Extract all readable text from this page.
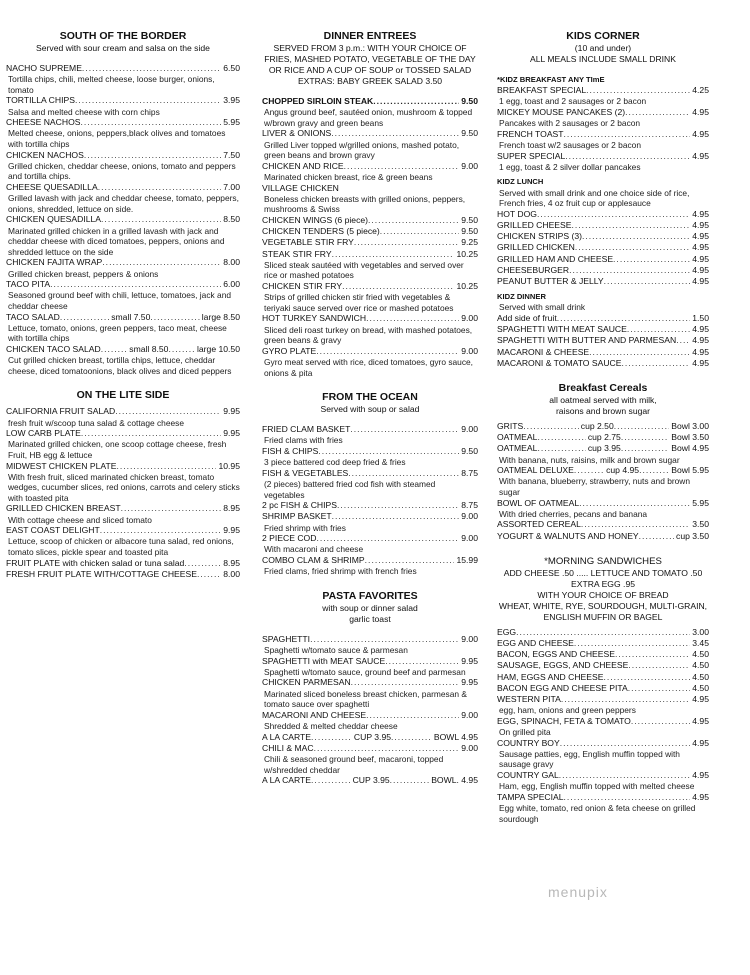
SOUTH OF THE BORDER
Served with sour cream and salsa on the side
NACHO SUPREME .....	6.50
Tortilla chips, chili, melted cheese, loose burger, onions, tomato
TORTILLA CHIPS .....	3.95
Salsa and melted cheese with corn chips
CHEESE NACHOS .....	5.95
Melted cheese, onions, peppers,black olives and tomatoes with tortilla chips
CHICKEN NACHOS .....	7.50
Grilled chicken, cheddar cheese, onions, tomato and peppers and tortilla chips.
CHEESE QUESADILLA .....	7.00
Grilled lavash with jack and cheddar cheese, tomato, peppers, onions, shredded, lettuce on side.
CHICKEN QUESADILLA .....	8.50
Marinated grilled chicken in a grilled lavash with jack and cheddar cheese with diced tomatoes, peppers, onions and shredded lettuce on the side
CHICKEN FAJITA WRAP .....	8.00
Grilled chicken breast, peppers & onions
TACO PITA .....	6.00
Seasoned ground beef with chili, lettuce, tomatoes, jack and cheddar cheese
TACO SALAD .....	small 7.50 .....	large 8.50
Lettuce, tomato, onions, green peppers, taco meat, cheese with tortilla chips
CHICKEN TACO SALAD .....	small 8.50 .....	large 10.50
Cut grilled chicken breast, tortilla chips, lettuce, cheddar cheese, diced tomatoonions, black olives and diced peppers
ON THE LITE SIDE
CALIFORNIA FRUIT SALAD .....	9.95
fresh fruit w/scoop tuna salad & cottage cheese
LOW CARB PLATE .....	9.95
Marinated grilled chicken, one scoop cottage cheese, fresh Fruit, HB egg & lettuce
MIDWEST CHICKEN PLATE .....	10.95
With fresh fruit, sliced marinated chicken breast, tomato wedges, cucumber slices, red onions, carrots and celery sticks with toasted pita
GRILLED CHICKEN BREAST .....	8.95
With cottage cheese and sliced tomato
EAST COAST DELIGHT .....	9.95
Lettuce, scoop of chicken or albacore tuna salad, red onions, tomato slices, pickle spear and toasted pita
FRUIT PLATE with chicken salad or tuna salad .....	8.95
FRESH FRUIT PLATE WITH/COTTAGE CHEESE .....	8.00
DINNER ENTREES
SERVED FROM 3 p.m.: WITH YOUR CHOICE OF
FRIES, MASHED POTATO, VEGETABLE OF THE DAY
OR RICE AND A CUP OF SOUP or TOSSED SALAD
EXTRAS: BABY GREEK SALAD 3.50
CHOPPED SIRLOIN STEAK .....	9.50
Angus ground beef, sautéed onion, mushroom & topped w/brown gravy and green beans
LIVER & ONIONS .....	9.50
Grilled Liver topped w/grilled onions, mashed potato, green beans and brown gravy
CHICKEN AND RICE .....	9.00
Marinated chicken breast, rice & green beans
VILLAGE CHICKEN
Boneless chicken breasts with grilled onions, peppers, mushrooms & Swiss
CHICKEN WINGS (6 piece) .....	9.50
CHICKEN TENDERS (5 piece) .....	9.50
VEGETABLE STIR FRY .....	9.25
STEAK STIR FRY .....	10.25
Sliced steak sautéed with vegetables and served over rice or mashed potatoes
CHICKEN STIR FRY .....	10.25
Strips of grilled chicken stir fried with vegetables & teriyaki sauce served over rice or mashed potatoes
HOT TURKEY SANDWICH .....	9.00
Sliced deli roast turkey on bread, with mashed potatoes, green beans & gravy
GYRO PLATE .....	9.00
Gyro meat served with rice, diced tomatoes, gyro sauce, onions & pita
FROM THE OCEAN
Served with soup or salad
FRIED CLAM BASKET .....	9.00
Fried clams with fries
FISH & CHIPS .....	9.50
3 piece battered cod deep fried & fries
FISH & VEGETABLES .....	8.75
(2 pieces) battered fried cod fish with steamed vegetables
2 pc FISH & CHIPS .....	8.75
SHRIMP BASKET .....	9.00
Fried shrimp with fries
2 PIECE COD .....	9.00
With macaroni and cheese
COMBO CLAM & SHRIMP .....	15.99
Fried clams, fried shrimp with french fries
PASTA FAVORITES
with soup or dinner salad
garlic toast
SPAGHETTI .....	9.00
Spaghetti w/tomato sauce & parmesan
SPAGHETTI with MEAT SAUCE .....	9.95
Spaghetti w/tomato sauce, ground beef and parmesan
CHICKEN PARMESAN .....	9.95
Marinated sliced boneless breast chicken, parmesan & tomato sauce over spaghetti
MACARONI AND CHEESE .....	9.00
Shredded & melted cheddar cheese
A LA CARTE .....	CUP 3.95 .....	BOWL 4.95
CHILI & MAC .....	9.00
Chili & seasoned ground beef, macaroni, topped w/shredded cheddar
A LA CARTE .....	CUP 3.95 .....	BOWL. 4.95
KIDS CORNER
(10 and under)
ALL MEALS INCLUDE SMALL DRINK
*KIDZ BREAKFAST ANY TImE
BREAKFAST SPECIAL .....	4.25
1 egg, toast and 2 sausages or 2 bacon
MICKEY MOUSE PANCAKES (2) .....	4.95
Pancakes with 2 sausages or 2 bacon
FRENCH TOAST .....	4.95
French toast w/2 sausages or 2 bacon
SUPER SPECIAL .....	4.95
1 egg, toast & 2 silver dollar pancakes
KIDZ LUNCH
Served with small drink and one choice side of rice, French fries, 4 oz fruit cup or applesauce
HOT DOG .....	4.95
GRILLED CHEESE .....	4.95
CHICKEN STRIPS (3) .....	4.95
GRILLED CHICKEN .....	4.95
GRILLED HAM AND CHEESE .....	4.95
CHEESEBURGER .....	4.95
PEANUT BUTTER & JELLY .....	4.95
KIDZ DINNER
Served with small drink
Add side of fruit .....	1.50
SPAGHETTI WITH MEAT SAUCE .....	4.95
SPAGHETTI WITH BUTTER AND PARMESAN ..... 4.95
MACARONI & CHEESE .....	4.95
MACARONI & TOMATO SAUCE .....	4.95
Breakfast Cereals
all oatmeal served with milk,
raisons and brown sugar
GRITS .....	cup 2.50 .....	Bowl 3.00
OATMEAL .....	cup 2.75 .....	Bowl 3.50
OATMEAL .....	cup 3.95 .....	Bowl 4.95
With banana, nuts, raisins, milk and brown sugar
OATMEAL DELUXE .....	cup 4.95 .....	Bowl 5.95
With banana, blueberry, strawberry, nuts and brown sugar
BOWL OF OATMEAL .....	5.95
With dried cherries, pecans and banana
ASSORTED CEREAL .....	3.50
YOGURT & WALNUTS AND HONEY .....	cup 3.50
*MORNING SANDWICHES
ADD CHEESE .50 ..... LETTUCE AND TOMATO .50
EXTRA EGG .95
WITH YOUR CHOICE OF BREAD
WHEAT, WHITE, RYE, SOURDOUGH, MULTI-GRAIN,
ENGLISH MUFFIN OR BAGEL
EGG .....	3.00
EGG AND CHEESE .....	3.45
BACON, EGGS AND CHEESE .....	4.50
SAUSAGE, EGGS, AND CHEESE .....	4.50
HAM, EGGS AND CHEESE .....	4.50
BACON EGG AND CHEESE PITA .....	4.50
WESTERN PITA .....	4.95
egg, ham, onions and green peppers
EGG, SPINACH, FETA & TOMATO .....	4.95
On grilled pita
COUNTRY BOY .....	4.95
Sausage patties, egg, English muffin topped with sausage gravy
COUNTRY GAL .....	4.95
Ham, egg, English muffin topped with melted cheese
TAMPA SPECIAL .....	4.95
Egg white, tomato, red onion & feta cheese on grilled sourdough
menupix
